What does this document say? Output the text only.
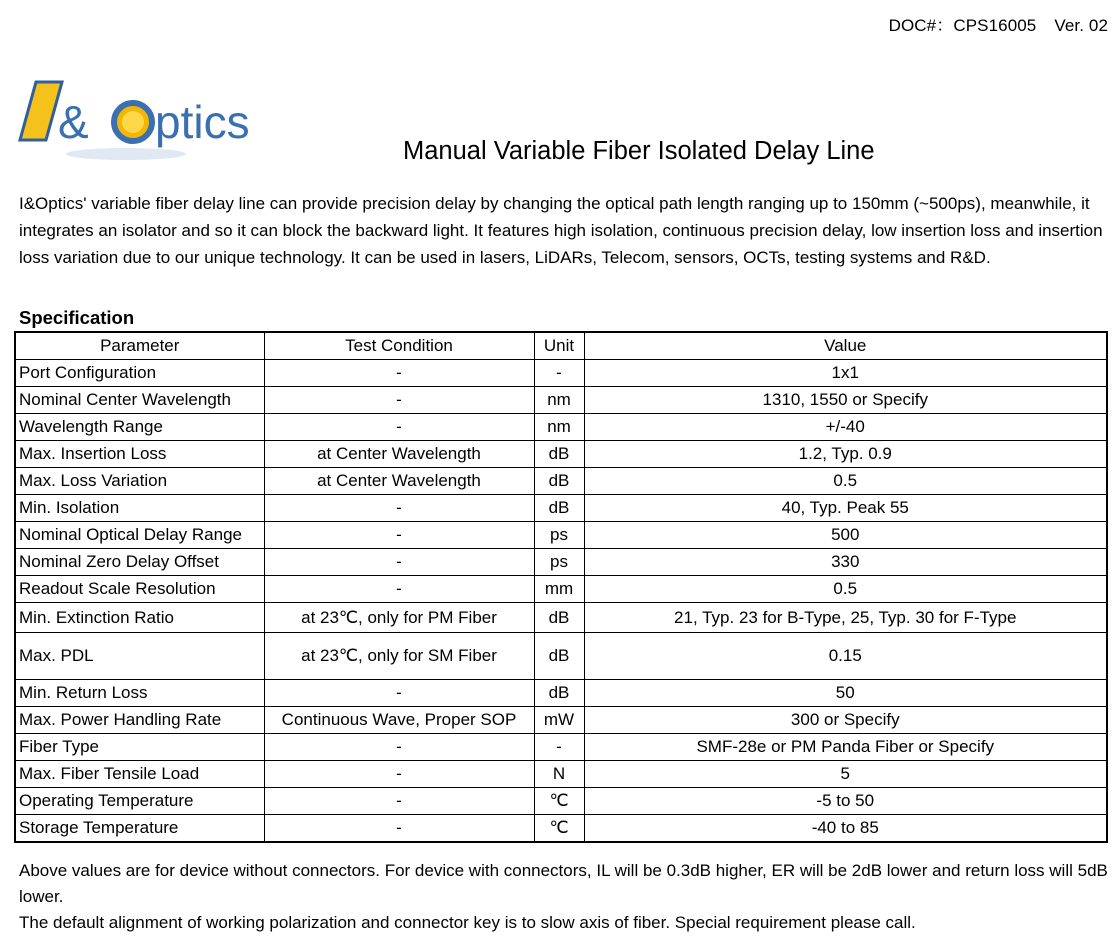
DOC#：CPS16005 Ver. 02
& ptics
Manual Variable Fiber Isolated Delay Line
I&Optics' variable fiber delay line can provide precision delay by changing the optical path length ranging up to 150mm (~500ps), meanwhile, it integrates an isolator and so it can block the backward light. It features high isolation, continuous precision delay, low insertion loss and insertion loss variation due to our unique technology. It can be used in lasers, LiDARs, Telecom, sensors, OCTs, testing systems and R&D.
Specification
Parameter	Test Condition	Unit	Value
Port Configuration	-	-	1x1
Nominal Center Wavelength	-	nm	1310, 1550 or Specify
Wavelength Range	-	nm	+/-40
Max. Insertion Loss	at Center Wavelength	dB	1.2, Typ. 0.9
Max. Loss Variation	at Center Wavelength	dB	0.5
Min. Isolation	-	dB	40, Typ. Peak 55
Nominal Optical Delay Range	-	ps	500
Nominal Zero Delay Offset	-	ps	330
Readout Scale Resolution	-	mm	0.5
Min. Extinction Ratio	at 23℃, only for PM Fiber	dB	21, Typ. 23 for B-Type, 25, Typ. 30 for F-Type
Max. PDL	at 23℃, only for SM Fiber	dB	0.15
Min. Return Loss	-	dB	50
Max. Power Handling Rate	Continuous Wave, Proper SOP	mW	300 or Specify
Fiber Type	-	-	SMF-28e or PM Panda Fiber or Specify
Max. Fiber Tensile Load	-	N	5
Operating Temperature	-	℃	-5 to 50
Storage Temperature	-	℃	-40 to 85
Above values are for device without connectors. For device with connectors, IL will be 0.3dB higher, ER will be 2dB lower and return loss will 5dB lower.
The default alignment of working polarization and connector key is to slow axis of fiber. Special requirement please call.
